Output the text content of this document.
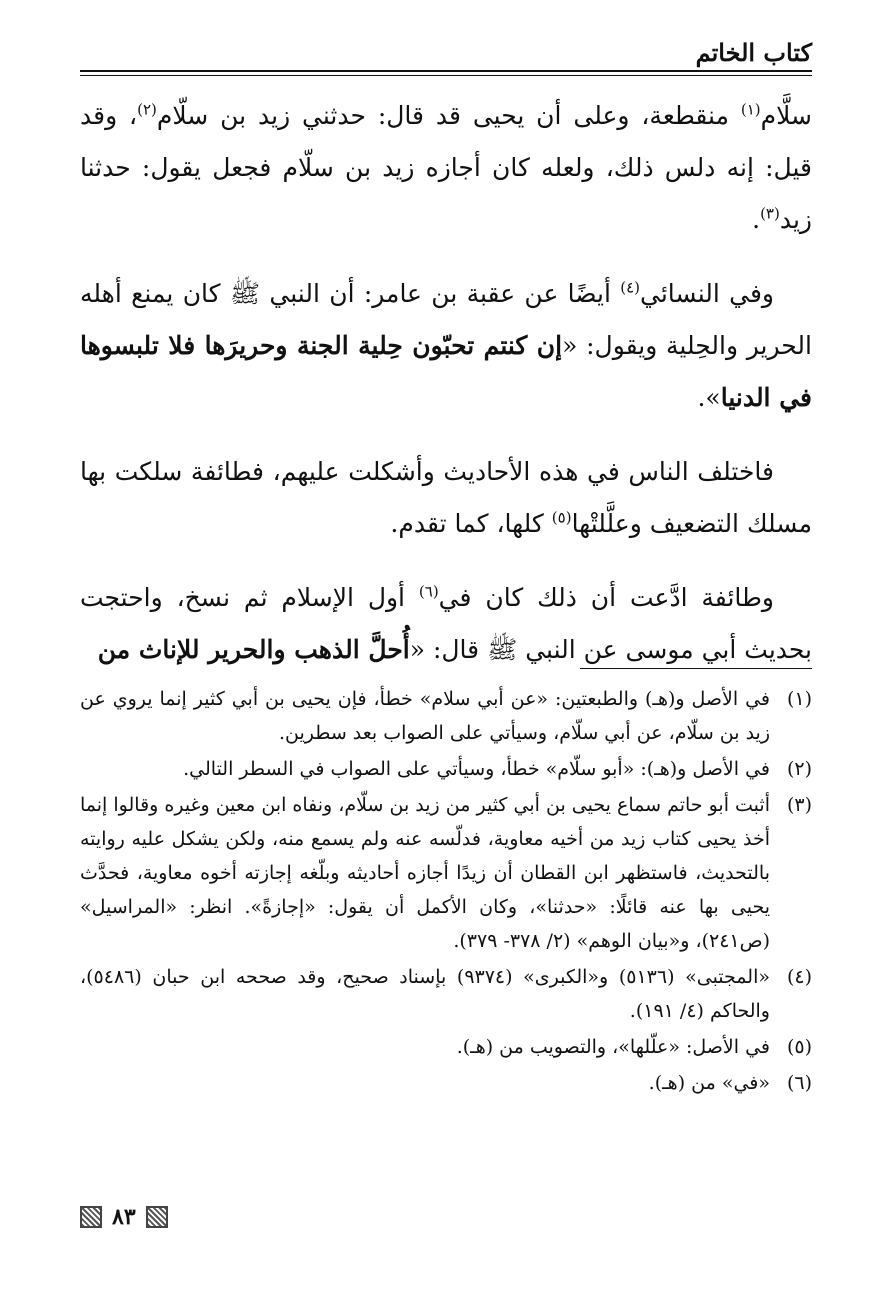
كتاب الخاتم

سلَّام$^{(١)}$ منقطعة، وعلى أن يحيى قد قال: حدثني زيد بن سلّام$^{(٢)}$، وقد قيل: إنه دلس ذلك، ولعله كان أجازه زيد بن سلّام فجعل يقول: حدثنا زيد$^{(٣)}$.

وفي النسائي$^{(٤)}$ أيضًا عن عقبة بن عامر: أن النبي ﷺ كان يمنع أهله الحرير والحِلية ويقول: «إن كنتم تحبّون حِلية الجنة وحريرَها فلا تلبسوها في الدنيا».

فاختلف الناس في هذه الأحاديث وأشكلت عليهم، فطائفة سلكت بها مسلك التضعيف وعلَّلتْها$^{(٥)}$ كلها، كما تقدم.

وطائفة ادَّعت أن ذلك كان في$^{(٦)}$ أول الإسلام ثم نسخ، واحتجت بحديث أبي موسى عن النبي ﷺ قال: «أُحلَّ الذهب والحرير للإناث من

(١)
في الأصل و(هـ) والطبعتين: «عن أبي سلام» خطأ، فإن يحيى بن أبي كثير إنما يروي عن زيد بن سلّام، عن أبي سلّام، وسيأتي على الصواب بعد سطرين.
(٢)
في الأصل و(هـ): «أبو سلّام» خطأ، وسيأتي على الصواب في السطر التالي.
(٣)
أثبت أبو حاتم سماع يحيى بن أبي كثير من زيد بن سلّام، ونفاه ابن معين وغيره وقالوا إنما أخذ يحيى كتاب زيد من أخيه معاوية، فدلّسه عنه ولم يسمع منه، ولكن يشكل عليه روايته بالتحديث، فاستظهر ابن القطان أن زيدًا أجازه أحاديثه وبلّغه إجازته أخوه معاوية، فحدَّث يحيى بها عنه قائلًا: «حدثنا»، وكان الأكمل أن يقول: «إجازةً». انظر: «المراسيل» (ص٢٤١)، و«بيان الوهم» (٢/ ٣٧٨- ٣٧٩).
(٤)
«المجتبى» (٥١٣٦) و«الكبرى» (٩٣٧٤) بإسناد صحيح، وقد صححه ابن حبان (٥٤٨٦)، والحاكم (٤/ ١٩١).
(٥)
في الأصل: «علّلها»، والتصويب من (هـ).
(٦)
«في» من (هـ).
٨٣
